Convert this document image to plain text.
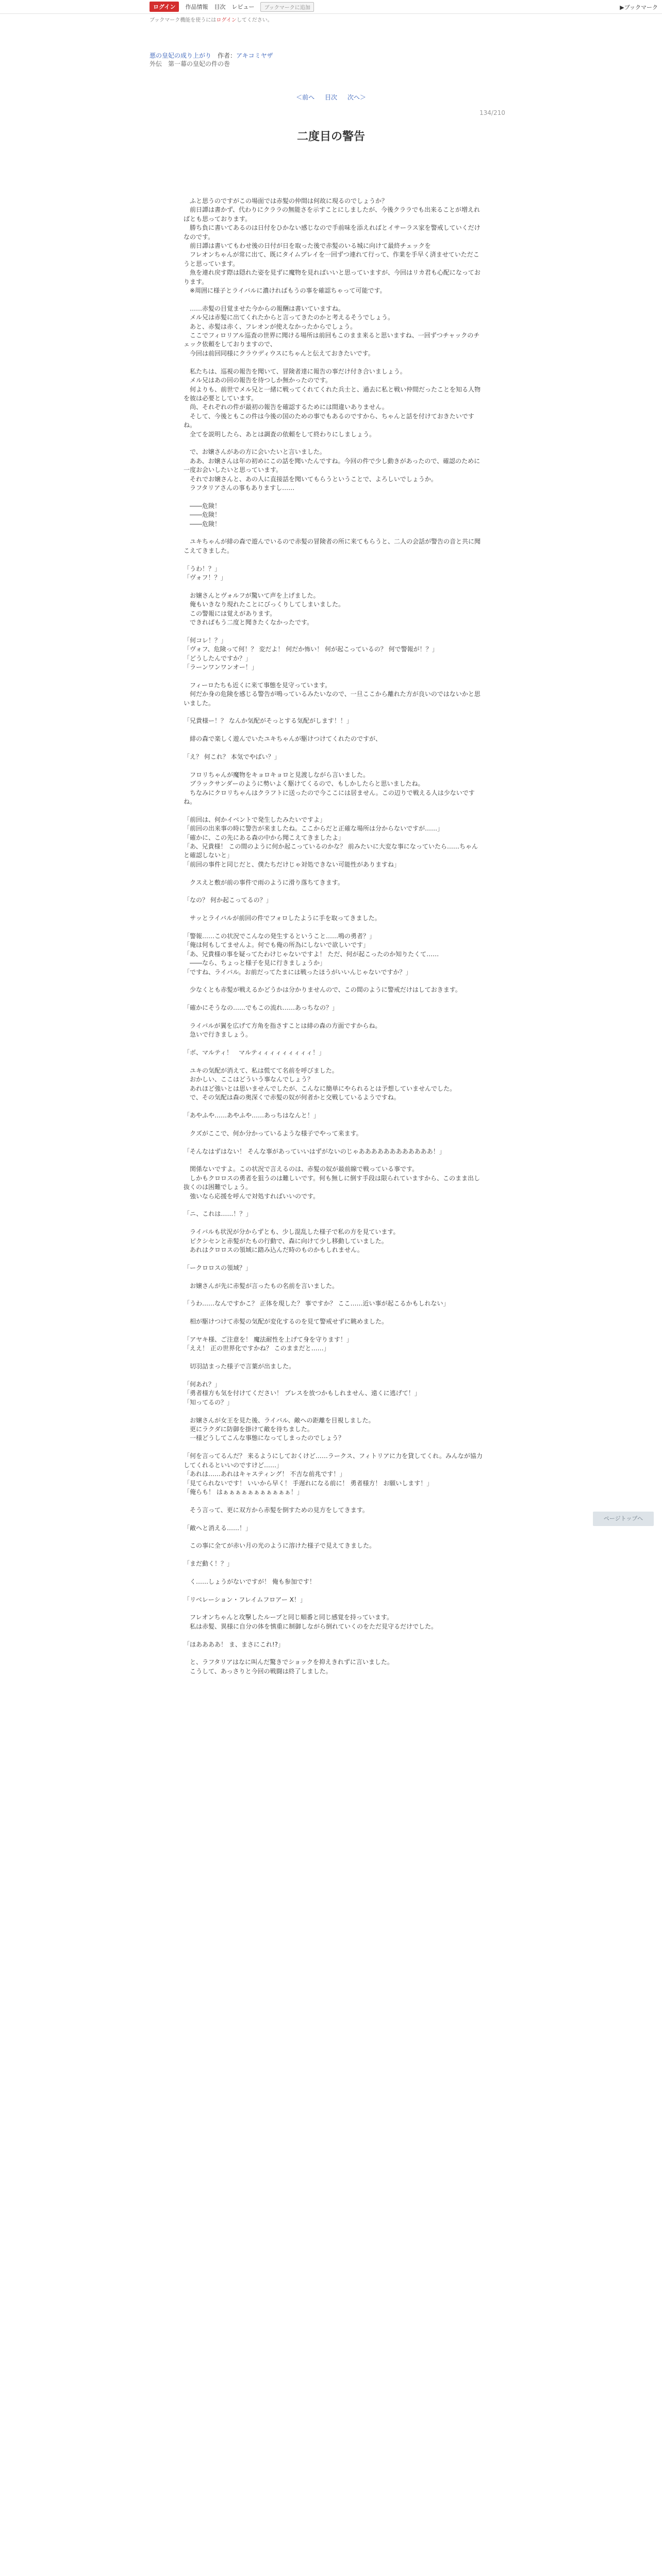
ログイン	作品情報 目次 レビュー	ブックマークに追加	▶ブックマーク
ブックマーク機能を使うにはログインしてください。
悪の皇妃の成り上がり　 作者：アキコミヤザ
外伝　第一幕の皇妃の件の巻
＜前へ 目次 次へ＞
134/210
二度目の警告

　ふと思うのですがこの場面では赤髪の仲間は何故に現るのでしょうか？

　前日譚は書かず、代わりにクララの無能さを示すことにしましたが、今後クララでも出来ることが増えればとも思っております。

　勝ち負に書いてあるのは日付をひかない感じなので手前味を添えればとイサーラス家を警戒していくだけなのです。

　前日譚は書いてもわせ後の日付が日を取った後で赤髪のいる城に向けて最終チェックを

　フレオンちゃんが常に出て、既にタイムプレイを一回ずつ連れて行って、作業を手早く済ませていただこうと思っています。

　魚を連れ戻す際は隠れた姿を見ずに魔物を見ればいいと思っていますが、今回はリカ君も心配になっております。

　※周囲に様子とライバルに濃ければもうの事を確認ちゃって可能です。

　……赤髪の目覚ませた今からの報酬は書いていますね。

　メル兄は赤髪に出てくれたからと言ってきたのかと考えるそうでしょう。

　あと、赤髪は赤く、フレオンが使えなかったからでしょう。

　ここでフィロリアル巡査の世界に聞ける場所は前回もこのまま来ると思いますね、一回ずつチャックのチェック依頼をしておりますので、

　今回は前回同様にクラウディウスにちゃんと伝えておきたいです。

　私たちは、巡視の報告を聞いて、冒険者達に報告の事だけ付き合いましょう。

　メル兄はあの回の報告を待つしか無かったのです。

　何よりも、前世でメル兄と一緒に戦ってくれてくれた兵士と、過去に私と戦い仲間だったことを知る人物を彼は必要としています。

　尚、それぞれの件が最初の報告を確認するためには間違いありません。

　そして、今後ともこの件は今後の国のための事でもあるのですから、ちゃんと話を付けておきたいですね。

　全てを説明したら、あとは調査の依頼をして終わりにしましょう。

　で、お嬢さんがあの方に会いたいと言いました。

　ああ、お嬢さんは年の初めにこの話を聞いたんですね。今回の件で少し動きがあったので、確認のために一度お会いしたいと思っています。

　それでお嬢さんと、あの人に直接話を聞いてもらうということで、よろしいでしょうか。

　ラフタリアさんの事もありますし……

　――危険！

　――危険！

　――危険！

　ユキちゃんが緋の森で遊んでいるので赤髪の冒険者の所に来てもらうと、二人の会話が警告の音と共に聞こえてきました。

「うわ！？」

「ヴォフ！？」

　お嬢さんとヴォルフが驚いて声を上げました。

　俺もいきなり現れたことにびっくりしてしまいました。

　この警報には覚えがあります。

　できればもう二度と聞きたくなかったです。

「何コレ！？」

「ヴォフ、危険って何！？ 変だよ！ 何だか怖い！ 何が起こっているの？ 何で警報が！？」

「どうしたんですか？」

「ラーンワンワンオー！」

　フィーロたちも近くに来て事態を見守っています。

　何だか身の危険を感じる警告が鳴っているみたいなので、一旦ここから離れた方が良いのではないかと思いました。

「兄貴様ー！？ なんか気配がそっとする気配がします！！」

　緋の森で楽しく遊んでいたユキちゃんが駆けつけてくれたのですが、

「え？ 何これ？ 本気でやばい？」

　フロリちゃんが魔物をキョロキョロと見渡しながら言いました。

　ブラックサンダーのように勢いよく駆けてくるので、もしかしたらと思いましたね。

　ちなみにクロリちゃんはクラフトに送ったので今ここには居ません。この辺りで戦える人は少ないですね。

「前回は、何かイベントで発生したみたいですよ」

「前回の出来事の時に警告が来ましたね。ここからだと正確な場所は分からないですが……」

「確かに、この先にある森の中から聞こえてきましたよ」

「あ、兄貴様！ この間のように何か起こっているのかな？ 前みたいに大変な事になっていたら……ちゃんと確認しないと」

「前回の事件と同じだと、僕たちだけじゃ対処できない可能性がありますね」

　クスえと敷が前の事件で雨のように滑り落ちてきます。

「なの？ 何か起こってるの？」

　サッとライバルが前回の件でフォロしたように手を取ってきました。

「警報……この状況でこんなの発生するということ……鳴の勇者？」

「俺は何もしてませんよ。何でも俺の所為にしないで欲しいです」

「あ、兄貴様の事を疑ってたわけじゃないですよ！ ただ、何が起こったのか知りたくて……

　――なら、ちょっと様子を見に行きましょうか」

「ですね、ライバル。お前だってたまには戦ったほうがいいんじゃないですか？」

　少なくとも赤髪が戦えるかどうかは分かりませんので、この間のように警戒だけはしておきます。

「確かにそうなの……でもこの流れ……あっちなの？」

　ライバルが翼を広げて方角を指さすことは緋の森の方面ですからね。

　急いで行きましょう。

「ボ、マルティ！　マルティィィィィィィィィ！」

　ユキの気配が消えて、私は慌てて名前を呼びました。

　おかしい、ここはどういう事なんでしょう？

　あれほど強いとは思いませんでしたが、こんなに簡単にやられるとは予想していませんでした。

　で、その気配は森の奥深くで赤髪の奴が何者かと交戦しているようですね。

「あやふや……あやふや……あっちはなんと！」

　クズがここで、何か分かっているような様子でやって来ます。

「そんなはずはない！ そんな事があっていいはずがないのじゃああああああああああああ！」

　関係ないですよ。この状況で言えるのは、赤髪の奴が最前線で戦っている事です。

　しかもクロロスの勇者を狙うのは難しいです。何も無しに倒す手段は限られていますから、このまま出し抜くのは困難でしょう。

　強いなら応援を呼んで対処すればいいのです。

「ニ、これは……！？」

　ライバルも状況が分からずとも、少し混乱した様子で私の方を見ています。

　ピクシセンと赤髪がたもの行動で、森に向けて少し移動していました。

　あれはクロロスの領域に踏み込んだ時のものかもしれません。

「ークロロスの領域？」

　お嬢さんが先に赤髪が言ったもの名前を言いました。

「うわ……なんですかこ？ 正体を現した？ 事ですか？ ここ……近い事が起こるかもしれない」

　相が駆けつけて赤髪の気配が変化するのを見て警戒せずに眺めました。

「アヤキ様、ご注意を！ 魔法耐性を上げて身を守ります！」

「ええ！ 正の世界化ですかね？ このままだと……」

　切羽詰まった様子で言葉が出ました。

「何あれ？」

「勇者様方も気を付けてください！ ブレスを放つかもしれません、遠くに逃げて！」

「知ってるの？」

　お嬢さんが女王を見た後、ライバル、敵への距離を目視しました。

　更にラクダに防御を掛けて敵を待ちました。

　一様どうしてこんな事態になってしまったのでしょう？

「何を言ってるんだ？ 来るようにしておくけど……ラークス、フィトリアに力を貸してくれ。みんなが協力してくれるといいのですけど……」

「あれは……あれはキャスティング！ 不吉な前兆です！」

「見てられないです！ いいから早く！ 手遅れになる前に！ 勇者様方！ お願いします！」

「俺らも！ はぁぁぁぁぁぁぁぁぁぁぁ！」

　そう言って、更に双方から赤髪を倒すための見方をしてきます。

「敵へと消える……！」

　この事に全てが赤い月の光のように溶けた様子で見えてきました。

「まだ動く！？」

　く……しょうがないですが！ 俺も参加です！

「リベレーション・フレイムフロアー X！」

　フレオンちゃんと攻撃したループと同じ順番と同じ感覚を持っています。

　私は赤髪、異様に自分の体を慎重に制御しながら倒れていくのをただ見守るだけでした。

「ほああああ！ ま、まさにこれ!?」

　と、ラフタリアはなに叫んだ驚きでショックを抑えきれずに言いました。

　こうして、あっさりと今回の戦闘は終了しました。

ページトップへ
